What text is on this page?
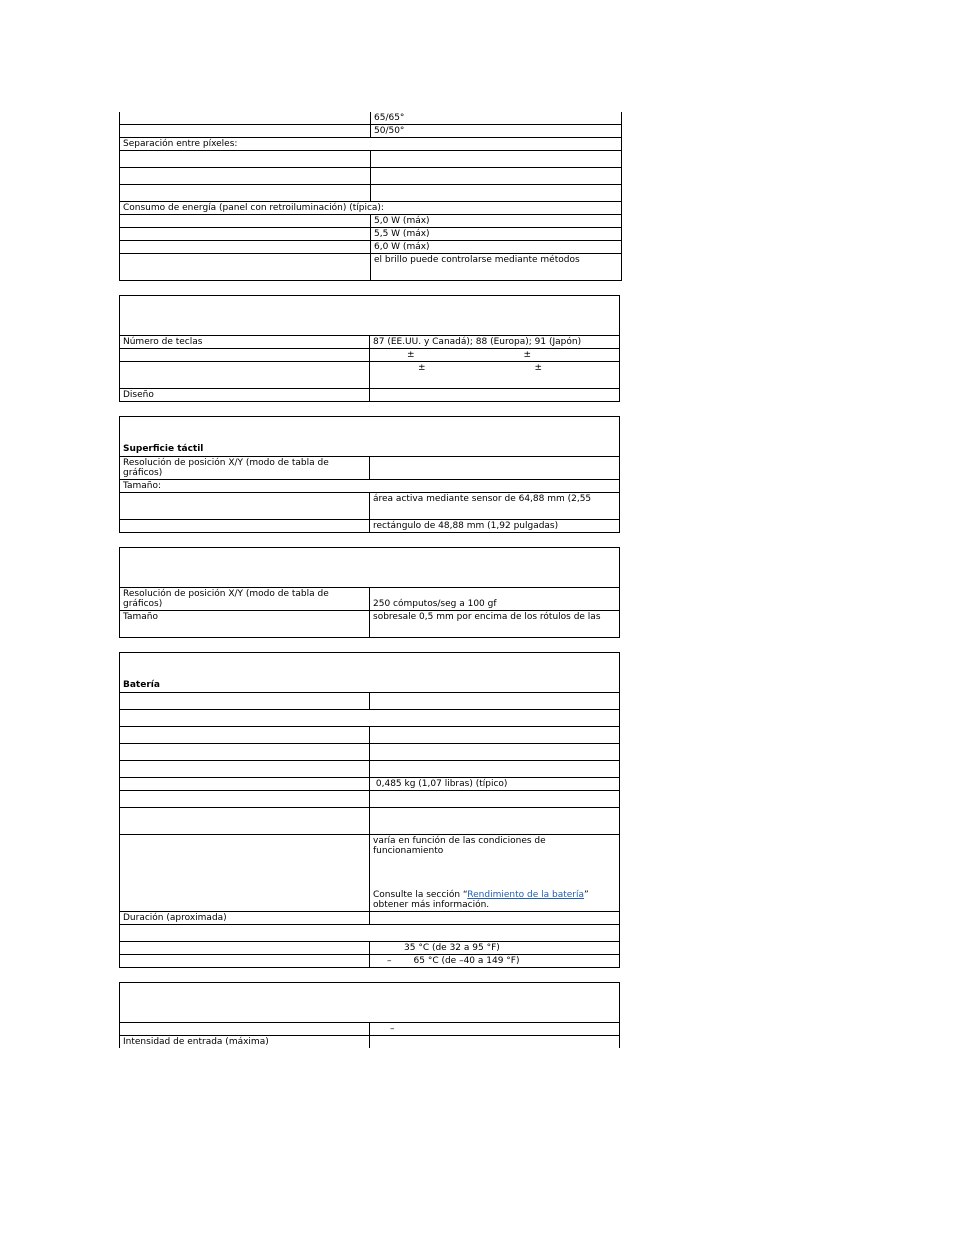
	65/65°
	50/50°
Separación entre píxeles:	

Consumo de energía (panel con retroiluminación) (típica):	
	5,0 W (máx)
	5,5 W (máx)
	6,0 W (máx)
	el brillo puede controlarse mediante métodos

Número de teclas	87 (EE.UU. y Canadá); 88 (Europa); 91 (Japón)
	± ±
	± ±
Diseño	
Superficie táctil	
Resolución de posición X/Y (modo de tabla de gráficos)	
Tamaño:	
	área activa mediante sensor de 64,88 mm (2,55
	rectángulo de 48,88 mm (1,92 pulgadas)

Resolución de posición X/Y (modo de tabla de gráficos)	250 cómputos/seg a 100 gf
Tamaño	sobresale 0,5 mm por encima de los rótulos de las
Batería	

	0,485 kg (1,07 libras) (típico)

	varía en función de las condiciones de funcionamiento
Consulte la sección “Rendimiento de la batería”
obtener más información.

Duración (aproximada)	

	35 °C (de 32 a 95 °F)
	– 65 °C (de –40 a 149 °F)

	–
Intensidad de entrada (máxima)	
